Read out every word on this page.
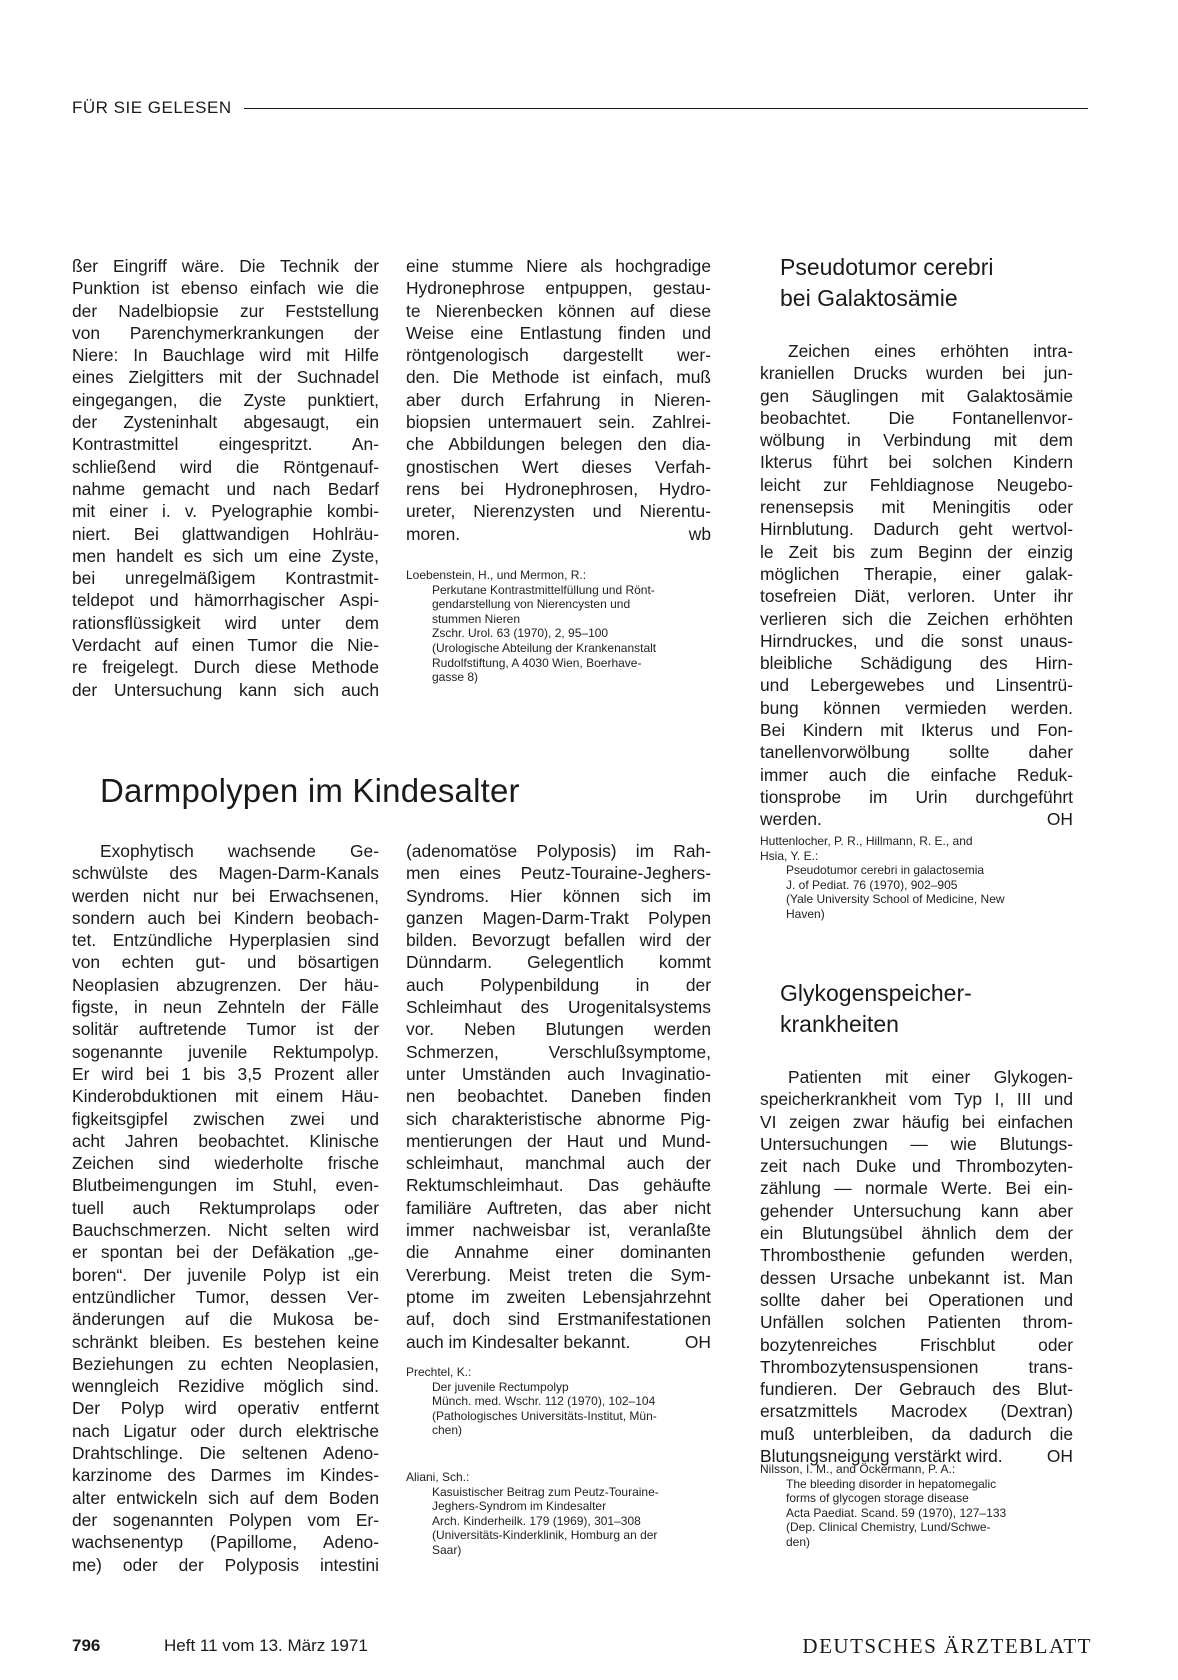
FÜR SIE GELESEN
ßer Eingriff wäre. Die Technik der
Punktion ist ebenso einfach wie die
der Nadelbiopsie zur Feststellung
von Parenchymerkrankungen der
Niere: In Bauchlage wird mit Hilfe
eines Zielgitters mit der Suchnadel
eingegangen, die Zyste punktiert,
der Zysteninhalt abgesaugt, ein
Kontrastmittel eingespritzt. An-
schließend wird die Röntgenauf-
nahme gemacht und nach Bedarf
mit einer i. v. Pyelographie kombi-
niert. Bei glattwandigen Hohlräu-
men handelt es sich um eine Zyste,
bei unregelmäßigem Kontrastmit-
teldepot und hämorrhagischer Aspi-
rationsflüssigkeit wird unter dem
Verdacht auf einen Tumor die Nie-
re freigelegt. Durch diese Methode
der Untersuchung kann sich auch
eine stumme Niere als hochgradige
Hydronephrose entpuppen, gestau-
te Nierenbecken können auf diese
Weise eine Entlastung finden und
röntgenologisch dargestellt wer-
den. Die Methode ist einfach, muß
aber durch Erfahrung in Nieren-
biopsien untermauert sein. Zahlrei-
che Abbildungen belegen den dia-
gnostischen Wert dieses Verfah-
rens bei Hydronephrosen, Hydro-
ureter, Nierenzysten und Nierentu-
moren.	wb
Loebenstein, H., und Mermon, R.:
Perkutane Kontrastmittelfüllung und Rönt-
gendarstellung von Nierencysten und
stummen Nieren
Zschr. Urol. 63 (1970), 2, 95–100
(Urologische Abteilung der Krankenanstalt
Rudolfstiftung, A 4030 Wien, Boerhave-
gasse 8)
Darmpolypen im Kindesalter
Exophytisch wachsende Ge-
schwülste des Magen-Darm-Kanals
werden nicht nur bei Erwachsenen,
sondern auch bei Kindern beobach-
tet. Entzündliche Hyperplasien sind
von echten gut- und bösartigen
Neoplasien abzugrenzen. Der häu-
figste, in neun Zehnteln der Fälle
solitär auftretende Tumor ist der
sogenannte juvenile Rektumpolyp.
Er wird bei 1 bis 3,5 Prozent aller
Kinderobduktionen mit einem Häu-
figkeitsgipfel zwischen zwei und
acht Jahren beobachtet. Klinische
Zeichen sind wiederholte frische
Blutbeimengungen im Stuhl, even-
tuell auch Rektumprolaps oder
Bauchschmerzen. Nicht selten wird
er spontan bei der Defäkation „ge-
boren“. Der juvenile Polyp ist ein
entzündlicher Tumor, dessen Ver-
änderungen auf die Mukosa be-
schränkt bleiben. Es bestehen keine
Beziehungen zu echten Neoplasien,
wenngleich Rezidive möglich sind.
Der Polyp wird operativ entfernt
nach Ligatur oder durch elektrische
Drahtschlinge. Die seltenen Adeno-
karzinome des Darmes im Kindes-
alter entwickeln sich auf dem Boden
der sogenannten Polypen vom Er-
wachsenentyp (Papillome, Adeno-
me) oder der Polyposis intestini
(adenomatöse Polyposis) im Rah-
men eines Peutz-Touraine-Jeghers-
Syndroms. Hier können sich im
ganzen Magen-Darm-Trakt Polypen
bilden. Bevorzugt befallen wird der
Dünndarm. Gelegentlich kommt
auch Polypenbildung in der
Schleimhaut des Urogenitalsystems
vor. Neben Blutungen werden
Schmerzen, Verschlußsymptome,
unter Umständen auch Invaginatio-
nen beobachtet. Daneben finden
sich charakteristische abnorme Pig-
mentierungen der Haut und Mund-
schleimhaut, manchmal auch der
Rektumschleimhaut. Das gehäufte
familiäre Auftreten, das aber nicht
immer nachweisbar ist, veranlaßte
die Annahme einer dominanten
Vererbung. Meist treten die Sym-
ptome im zweiten Lebensjahrzehnt
auf, doch sind Erstmanifestationen
auch im Kindesalter bekannt.	OH
Prechtel, K.:
Der juvenile Rectumpolyp
Münch. med. Wschr. 112 (1970), 102–104
(Pathologisches Universitäts-Institut, Mün-
chen)
Aliani, Sch.:
Kasuistischer Beitrag zum Peutz-Touraine-
Jeghers-Syndrom im Kindesalter
Arch. Kinderheilk. 179 (1969), 301–308
(Universitäts-Kinderklinik, Homburg an der
Saar)
Pseudotumor cerebri
bei Galaktosämie
Zeichen eines erhöhten intra-
kraniellen Drucks wurden bei jun-
gen Säuglingen mit Galaktosämie
beobachtet. Die Fontanellenvor-
wölbung in Verbindung mit dem
Ikterus führt bei solchen Kindern
leicht zur Fehldiagnose Neugebo-
renensepsis mit Meningitis oder
Hirnblutung. Dadurch geht wertvol-
le Zeit bis zum Beginn der einzig
möglichen Therapie, einer galak-
tosefreien Diät, verloren. Unter ihr
verlieren sich die Zeichen erhöhten
Hirndruckes, und die sonst unaus-
bleibliche Schädigung des Hirn-
und Lebergewebes und Linsentrü-
bung können vermieden werden.
Bei Kindern mit Ikterus und Fon-
tanellenvorwölbung sollte daher
immer auch die einfache Reduk-
tionsprobe im Urin durchgeführt
werden.	OH
Huttenlocher, P. R., Hillmann, R. E., and
Hsia, Y. E.:
Pseudotumor cerebri in galactosemia
J. of Pediat. 76 (1970), 902–905
(Yale University School of Medicine, New
Haven)
Glykogenspeicher-
krankheiten
Patienten mit einer Glykogen-
speicherkrankheit vom Typ I, III und
VI zeigen zwar häufig bei einfachen
Untersuchungen — wie Blutungs-
zeit nach Duke und Thrombozyten-
zählung — normale Werte. Bei ein-
gehender Untersuchung kann aber
ein Blutungsübel ähnlich dem der
Thrombosthenie gefunden werden,
dessen Ursache unbekannt ist. Man
sollte daher bei Operationen und
Unfällen solchen Patienten throm-
bozytenreiches Frischblut oder
Thrombozytensuspensionen trans-
fundieren. Der Gebrauch des Blut-
ersatzmittels Macrodex (Dextran)
muß unterbleiben, da dadurch die
Blutungsneigung verstärkt wird.	OH
Nilsson, I. M., and Öckermann, P. A.:
The bleeding disorder in hepatomegalic
forms of glycogen storage disease
Acta Paediat. Scand. 59 (1970), 127–133
(Dep. Clinical Chemistry, Lund/Schwe-
den)
796	Heft 11 vom 13. März 1971	DEUTSCHES ÄRZTEBLATT
